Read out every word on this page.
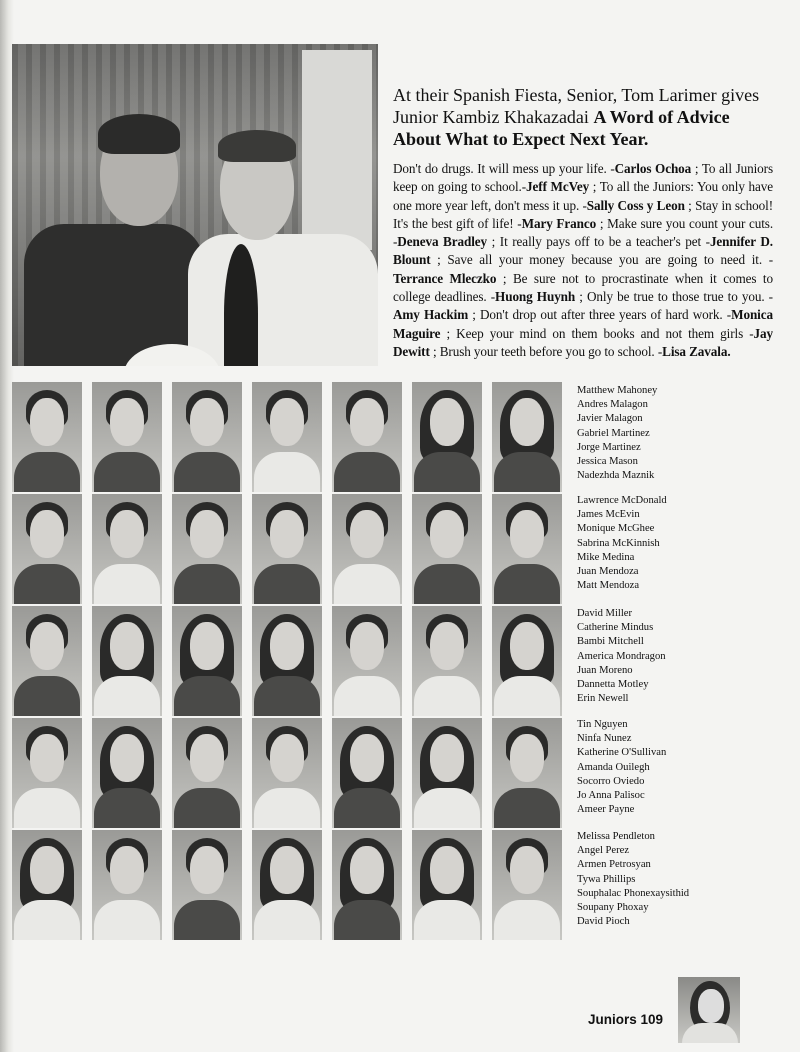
At their Spanish Fiesta, Senior, Tom Larimer gives Junior Kambiz Khakazadai A Word of Advice About What to Expect Next Year.
Don't do drugs. It will mess up your life. -Carlos Ochoa ; To all Juniors keep on going to school.-Jeff McVey ; To all the Juniors: You only have one more year left, don't mess it up. -Sally Coss y Leon ; Stay in school! It's the best gift of life! -Mary Franco ; Make sure you count your cuts. -Deneva Bradley ; It really pays off to be a teacher's pet -Jennifer D. Blount ; Save all your money because you are going to need it. -Terrance Mleczko ; Be sure not to procrastinate when it comes to college deadlines. -Huong Huynh ; Only be true to those true to you. -Amy Hackim ; Don't drop out after three years of hard work. -Monica Maguire ; Keep your mind on them books and not them girls -Jay Dewitt ; Brush your teeth before you go to school. -Lisa Zavala.
Matthew Mahoney
Andres Malagon
Javier Malagon
Gabriel Martinez
Jorge Martinez
Jessica Mason
Nadezhda Maznik
Lawrence McDonald
James McEvin
Monique McGhee
Sabrina McKinnish
Mike Medina
Juan Mendoza
Matt Mendoza
David Miller
Catherine Mindus
Bambi Mitchell
America Mondragon
Juan Moreno
Dannetta Motley
Erin Newell
Tin Nguyen
Ninfa Nunez
Katherine O'Sullivan
Amanda Ouilegh
Socorro Oviedo
Jo Anna Palisoc
Ameer Payne
Melissa Pendleton
Angel Perez
Armen Petrosyan
Tywa Phillips
Souphalac Phonexaysithid
Soupany Phoxay
David Pioch
Juniors 109
